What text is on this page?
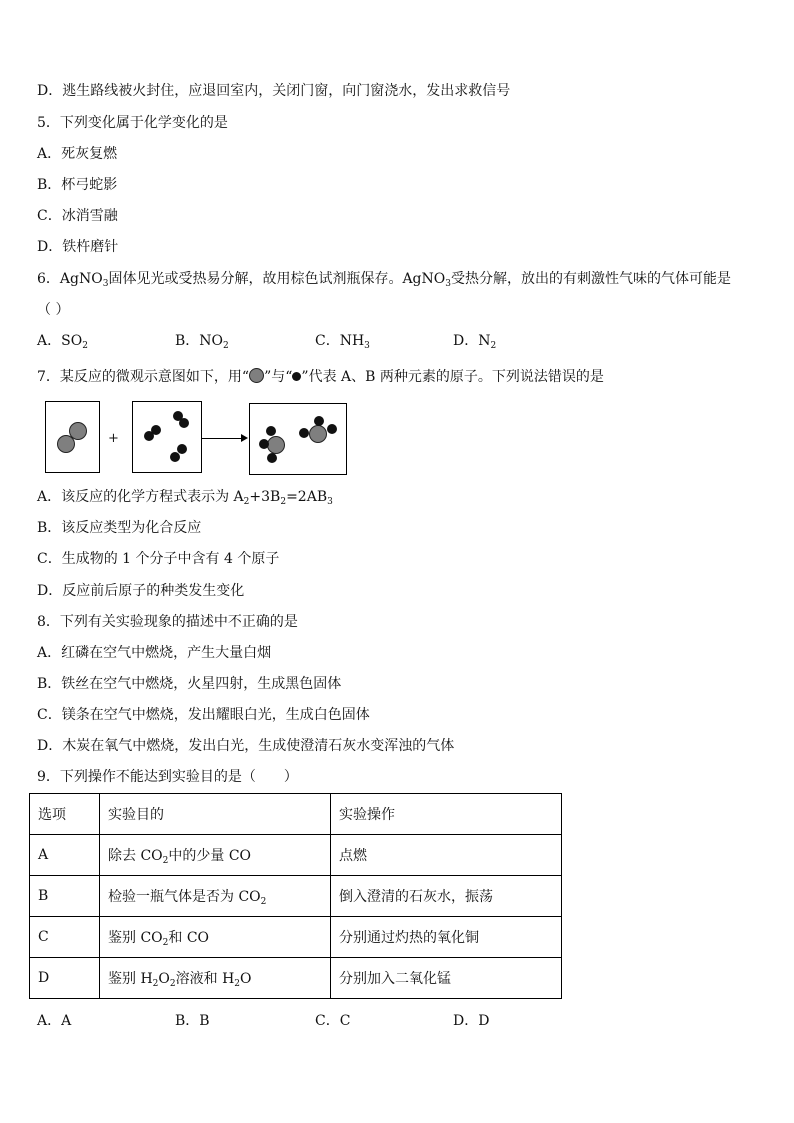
D．逃生路线被火封住，应退回室内，关闭门窗，向门窗浇水，发出求救信号
5．下列变化属于化学变化的是
A．死灰复燃
B．杯弓蛇影
C．冰消雪融
D．铁杵磨针
6．AgNO$_3$固体见光或受热易分解，故用棕色试剂瓶保存。AgNO$_3$受热分解，放出的有刺激性气味的气体可能是
（ ）
A．$SO_2$	B．$NO_2$	C．$NH_3$	D．$N_2$
7．某反应的微观示意图如下，用“ ”与“ ”代表 A、B 两种元素的原子。下列说法错误的是
+
A．该反应的化学方程式表示为 $A_2+3B_2=2AB_3$
B．该反应类型为化合反应
C．生成物的 1 个分子中含有 4 个原子
D．反应前后原子的种类发生变化
8．下列有关实验现象的描述中不正确的是
A．红磷在空气中燃烧，产生大量白烟
B．铁丝在空气中燃烧，火星四射，生成黑色固体
C．镁条在空气中燃烧，发出耀眼白光，生成白色固体
D．木炭在氧气中燃烧，发出白光，生成使澄清石灰水变浑浊的气体
9．下列操作不能达到实验目的是（　　）
选项	实验目的	实验操作
A	除去 $CO_2$中的少量 CO	点燃
B	检验一瓶气体是否为 $CO_2$	倒入澄清的石灰水，振荡
C	鉴别 $CO_2$和 CO	分别通过灼热的氧化铜
D	鉴别 $H_2O_2$溶液和 $H_2O$	分别加入二氧化锰
A．A	B．B	C．C	D．D
